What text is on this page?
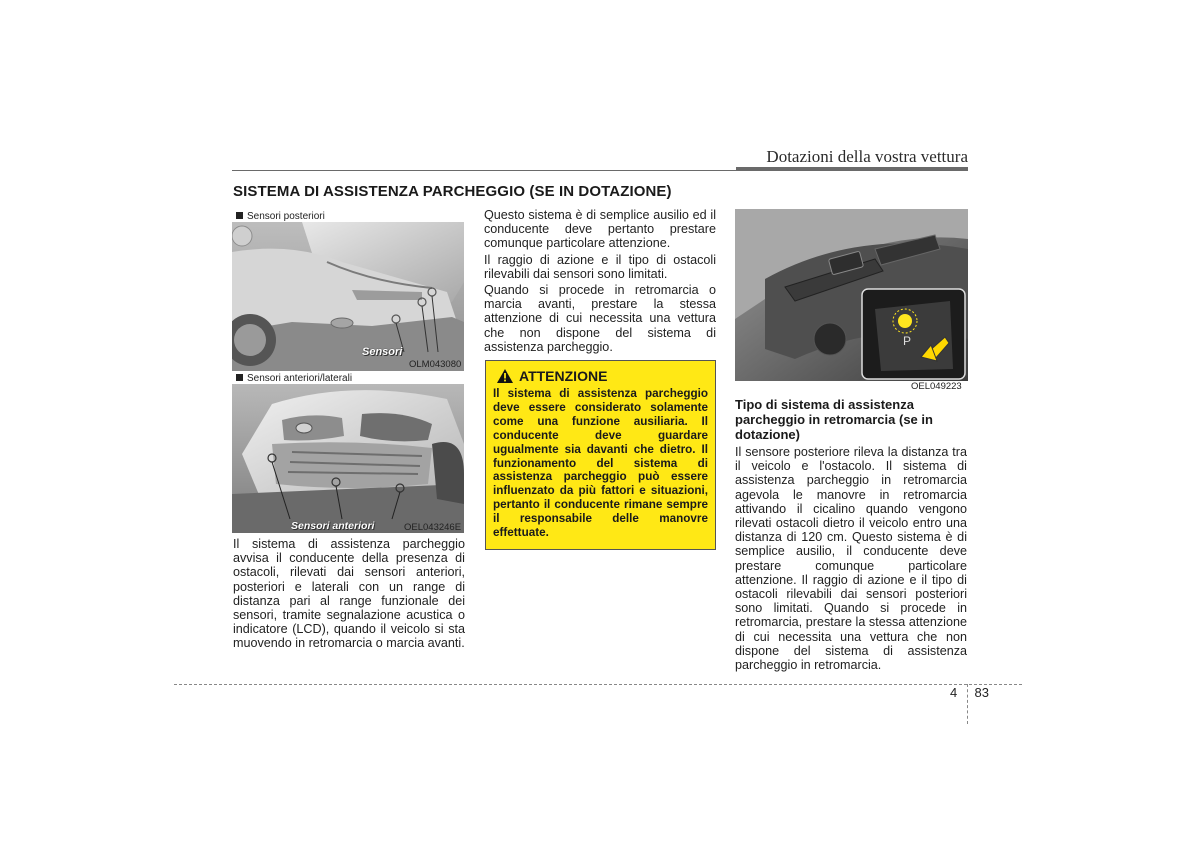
Dotazioni della vostra vettura
SISTEMA DI ASSISTENZA PARCHEGGIO (SE IN DOTAZIONE)
Sensori posteriori
Sensori
OLM043080
Sensori anteriori/laterali
Sensori anteriori	OEL043246E

Il sistema di assistenza parcheggio avvisa il conducente della presenza di ostacoli, rilevati dai sensori anteriori, posteriori e laterali con un range di distanza pari al range funzionale dei sensori, tramite segnalazione acustica o indicatore (LCD), quando il veicolo si sta muovendo in retromarcia o marcia avanti.

Questo sistema è di semplice ausilio ed il conducente deve pertanto prestare comunque particolare attenzione.

Il raggio di azione e il tipo di ostacoli rilevabili dai sensori sono limitati.

Quando si procede in retromarcia o marcia avanti, prestare la stessa attenzione di cui necessita una vettura che non dispone del sistema di assistenza parcheggio.

ATTENZIONE
Il sistema di assistenza parcheggio deve essere considerato solamente come una funzione ausiliaria. Il conducente deve guardare ugualmente sia davanti che dietro. Il funzionamento del sistema di assistenza parcheggio può essere influenzato da più fattori e situazioni, pertanto il conducente rimane sempre il responsabile delle manovre effettuate.
P
OEL049223
Tipo di sistema di assistenza parcheggio in retromarcia (se in dotazione)

Il sensore posteriore rileva la distanza tra il veicolo e l'ostacolo. Il sistema di assistenza parcheggio in retromarcia agevola le manovre in retromarcia attivando il cicalino quando vengono rilevati ostacoli dietro il veicolo entro una distanza di 120 cm. Questo sistema è di semplice ausilio, il conducente deve prestare comunque particolare attenzione. Il raggio di azione e il tipo di ostacoli rilevabili dai sensori posteriori sono limitati. Quando si procede in retromarcia, prestare la stessa attenzione di cui necessita una vettura che non dispone del sistema di assistenza parcheggio in retromarcia.

4 83
